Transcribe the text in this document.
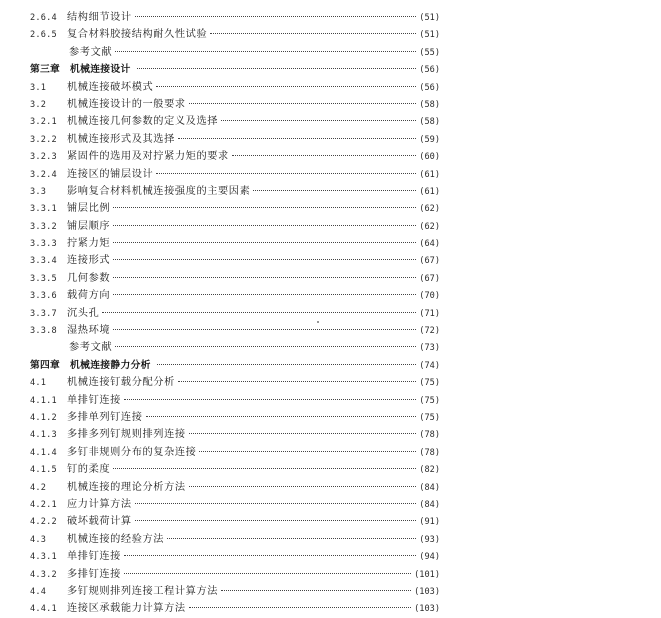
2.6.4 结构细节设计	(51)
2.6.5 复合材料胶接结构耐久性试验	(51)
参考文献	(55)
第三章	机械连接设计	(56)
3.1	机械连接破坏模式	(56)
3.2	机械连接设计的一般要求	(58)
3.2.1 机械连接几何参数的定义及选择	(58)
3.2.2 机械连接形式及其选择	(59)
3.2.3 紧固件的选用及对拧紧力矩的要求	(60)
3.2.4 连接区的铺层设计	(61)
3.3	影响复合材料机械连接强度的主要因素	(61)
3.3.1 铺层比例	(62)
3.3.2 铺层顺序	(62)
3.3.3 拧紧力矩	(64)
3.3.4 连接形式	(67)
3.3.5 几何参数	(67)
3.3.6 载荷方向	(70)
3.3.7 沉头孔	(71)
3.3.8 湿热环境	(72)
参考文献	(73)
第四章	机械连接静力分析	(74)
4.1	机械连接钉载分配分析	(75)
4.1.1 单排钉连接	(75)
4.1.2 多排单列钉连接	(75)
4.1.3 多排多列钉规则排列连接	(78)
4.1.4 多钉非规则分布的复杂连接	(78)
4.1.5 钉的柔度	(82)
4.2	机械连接的理论分析方法	(84)
4.2.1 应力计算方法	(84)
4.2.2 破坏载荷计算	(91)
4.3	机械连接的经验方法	(93)
4.3.1 单排钉连接	(94)
4.3.2 多排钉连接	(101)
4.4	多钉规则排列连接工程计算方法	(103)
4.4.1 连接区承载能力计算方法	(103)
